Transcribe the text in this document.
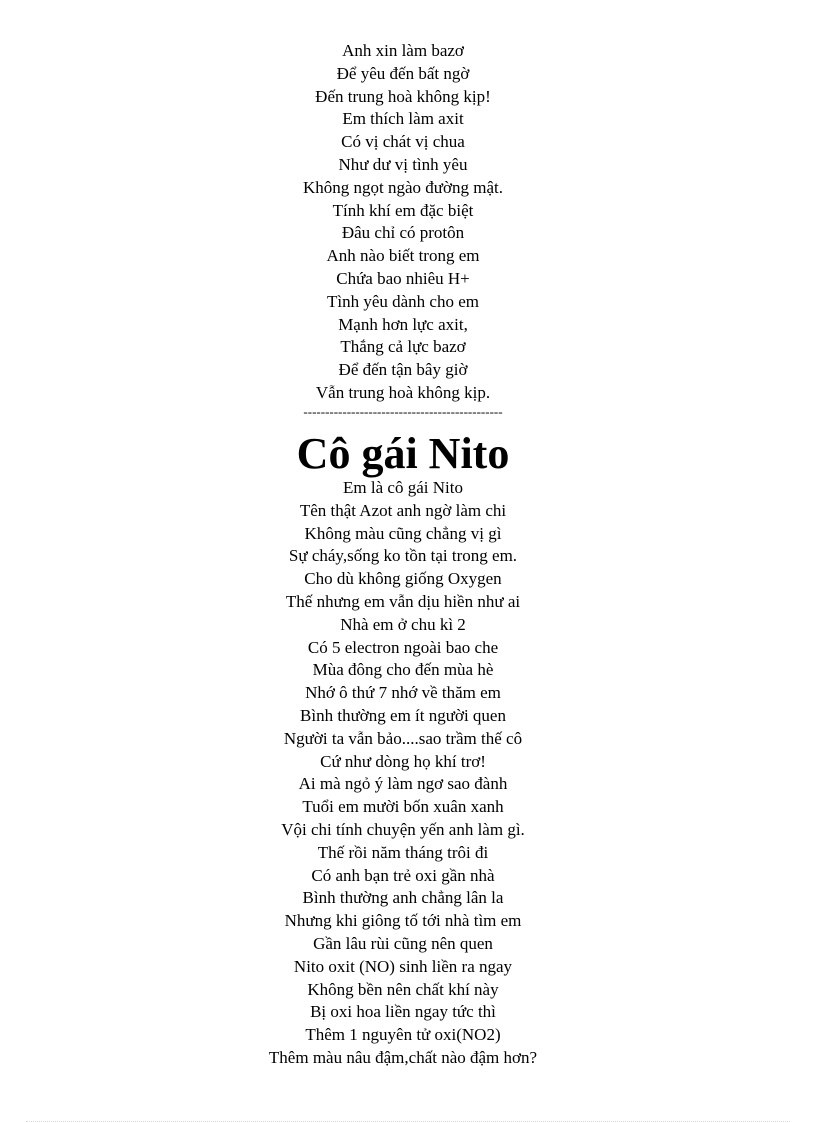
Anh xin làm bazơ
Để yêu đến bất ngờ
Đến trung hoà không kịp!
Em thích làm axit
Có vị chát vị chua
Như dư vị tình yêu
Không ngọt ngào đường mật.
Tính khí em đặc biệt
Đâu chỉ có protôn
Anh nào biết trong em
Chứa bao nhiêu H+
Tình yêu dành cho em
Mạnh hơn lực axit,
Thắng cả lực bazơ
Để đến tận bây giờ
Vẫn trung hoà không kịp.
----------------------------------------------
Cô gái Nito
Em là cô gái Nito
Tên thật Azot anh ngờ làm chi
Không màu cũng chẳng vị gì
Sự cháy,sống ko tồn tại trong em.
Cho dù không giống Oxygen
Thế nhưng em vẫn dịu hiền như ai
Nhà em ở chu kì 2
Có 5 electron ngoài bao che
Mùa đông cho đến mùa hè
Nhớ ô thứ 7 nhớ về thăm em
Bình thường em ít người quen
Người ta vẫn bảo....sao trầm thế cô
Cứ như dòng họ khí trơ!
Ai mà ngỏ ý làm ngơ sao đành
Tuổi em mười bốn xuân xanh
Vội chi tính chuyện yến anh làm gì.
Thế rồi năm tháng trôi đi
Có anh bạn trẻ oxi gần nhà
Bình thường anh chẳng lân la
Nhưng khi giông tố tới nhà tìm em
Gần lâu rùi cũng nên quen
Nito oxit (NO) sinh liền ra ngay
Không bền nên chất khí này
Bị oxi hoa liền ngay tức thì
Thêm 1 nguyên tử oxi(NO2)
Thêm màu nâu đậm,chất nào đậm hơn?
